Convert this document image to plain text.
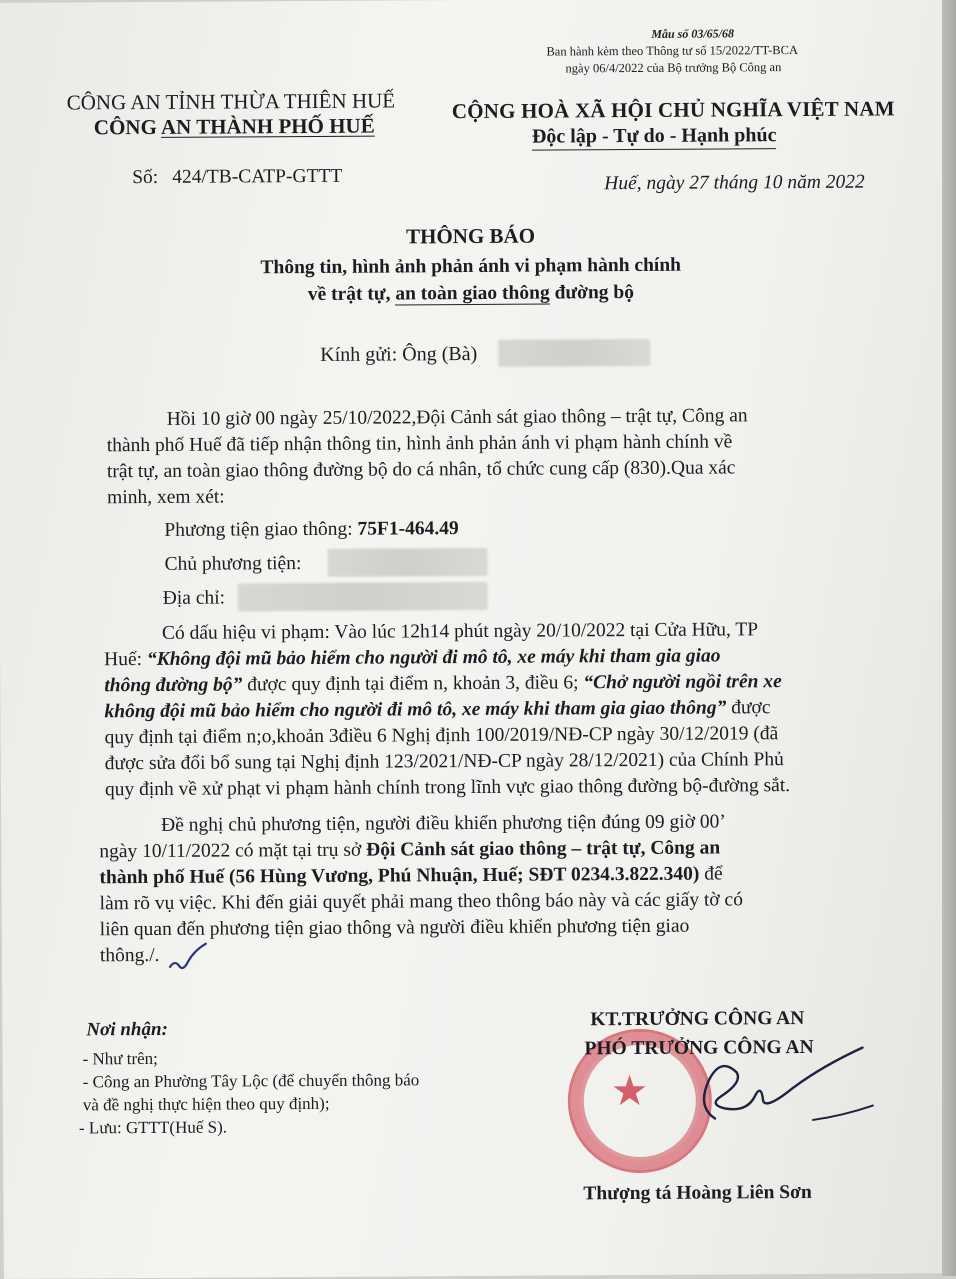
Mẫu số 03/65/68
Ban hành kèm theo Thông tư số 15/2022/TT-BCA
ngày 06/4/2022 của Bộ trưởng Bộ Công an
CÔNG AN TỈNH THỪA THIÊN HUẾ
CÔNG AN THÀNH PHỐ HUẾ
Số: 424/TB-CATP-GTTT
CỘNG HOÀ XÃ HỘI CHỦ NGHĨA VIỆT NAM
Độc lập - Tự do - Hạnh phúc
Huế, ngày 27 tháng 10 năm 2022
THÔNG BÁO
Thông tin, hình ảnh phản ánh vi phạm hành chính
về trật tự, an toàn giao thông đường bộ
Kính gửi: Ông (Bà)
Hồi 10 giờ 00 ngày 25/10/2022,Đội Cảnh sát giao thông – trật tự, Công an
thành phố Huế đã tiếp nhận thông tin, hình ảnh phản ánh vi phạm hành chính về
trật tự, an toàn giao thông đường bộ do cá nhân, tổ chức cung cấp (830).Qua xác
minh, xem xét:
Phương tiện giao thông: 75F1-464.49
Chủ phương tiện:
Địa chỉ:
Có dấu hiệu vi phạm: Vào lúc 12h14 phút ngày 20/10/2022 tại Cửa Hữu, TP
Huế: “Không đội mũ bảo hiểm cho người đi mô tô, xe máy khi tham gia giao
thông đường bộ” được quy định tại điểm n, khoản 3, điều 6; “Chở người ngồi trên xe
không đội mũ bảo hiểm cho người đi mô tô, xe máy khi tham gia giao thông” được
quy định tại điểm n;o,khoản 3điều 6 Nghị định 100/2019/NĐ-CP ngày 30/12/2019 (đã
được sửa đổi bổ sung tại Nghị định 123/2021/NĐ-CP ngày 28/12/2021) của Chính Phủ
quy định về xử phạt vi phạm hành chính trong lĩnh vực giao thông đường bộ-đường sắt.
Đề nghị chủ phương tiện, người điều khiển phương tiện đúng 09 giờ 00’
ngày 10/11/2022 có mặt tại trụ sở Đội Cảnh sát giao thông – trật tự, Công an
thành phố Huế (56 Hùng Vương, Phú Nhuận, Huế; SĐT 0234.3.822.340) để
làm rõ vụ việc. Khi đến giải quyết phải mang theo thông báo này và các giấy tờ có
liên quan đến phương tiện giao thông và người điều khiển phương tiện giao
thông./.
Nơi nhận:
- Như trên;
- Công an Phường Tây Lộc (để chuyển thông báo
và đề nghị thực hiện theo quy định);
- Lưu: GTTT(Huế S).
★
KT.TRƯỞNG CÔNG AN
PHÓ TRƯỞNG CÔNG AN
Thượng tá Hoàng Liên Sơn
